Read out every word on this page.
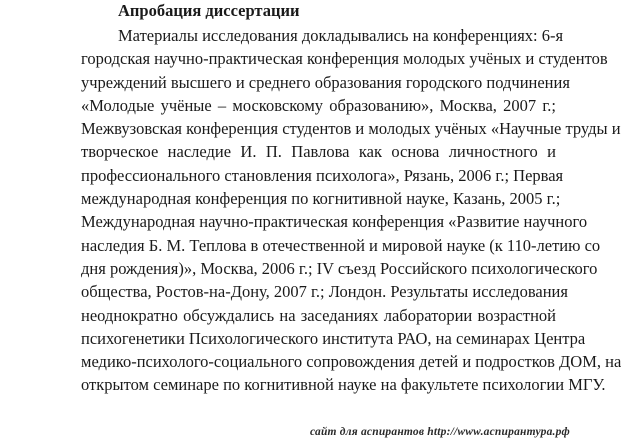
Апробация диссертации
Материалы исследования докладывались на конференциях: 6-я
городская научно-практическая конференция молодых учёных и студентов
учреждений высшего и среднего образования городского подчинения
«Молодые учёные – московскому образованию», Москва, 2007 г.;
Межвузовская конференция студентов и молодых учёных «Научные труды и
творческое наследие И. П. Павлова как основа личностного и
профессионального становления психолога», Рязань, 2006 г.; Первая
международная конференция по когнитивной науке, Казань, 2005 г.;
Международная научно-практическая конференция «Развитие научного
наследия Б. М. Теплова в отечественной и мировой науке (к 110-летию со
дня рождения)», Москва, 2006 г.; IV съезд Российского психологического
общества, Ростов-на-Дону, 2007 г.; Лондон. Результаты исследования
неоднократно обсуждались на заседаниях лаборатории возрастной
психогенетики Психологического института РАО, на семинарах Центра
медико-психолого-социального сопровождения детей и подростков ДОМ, на
открытом семинаре по когнитивной науке на факультете психологии МГУ.
сайт для аспирантов http://www.аспирантура.рф
